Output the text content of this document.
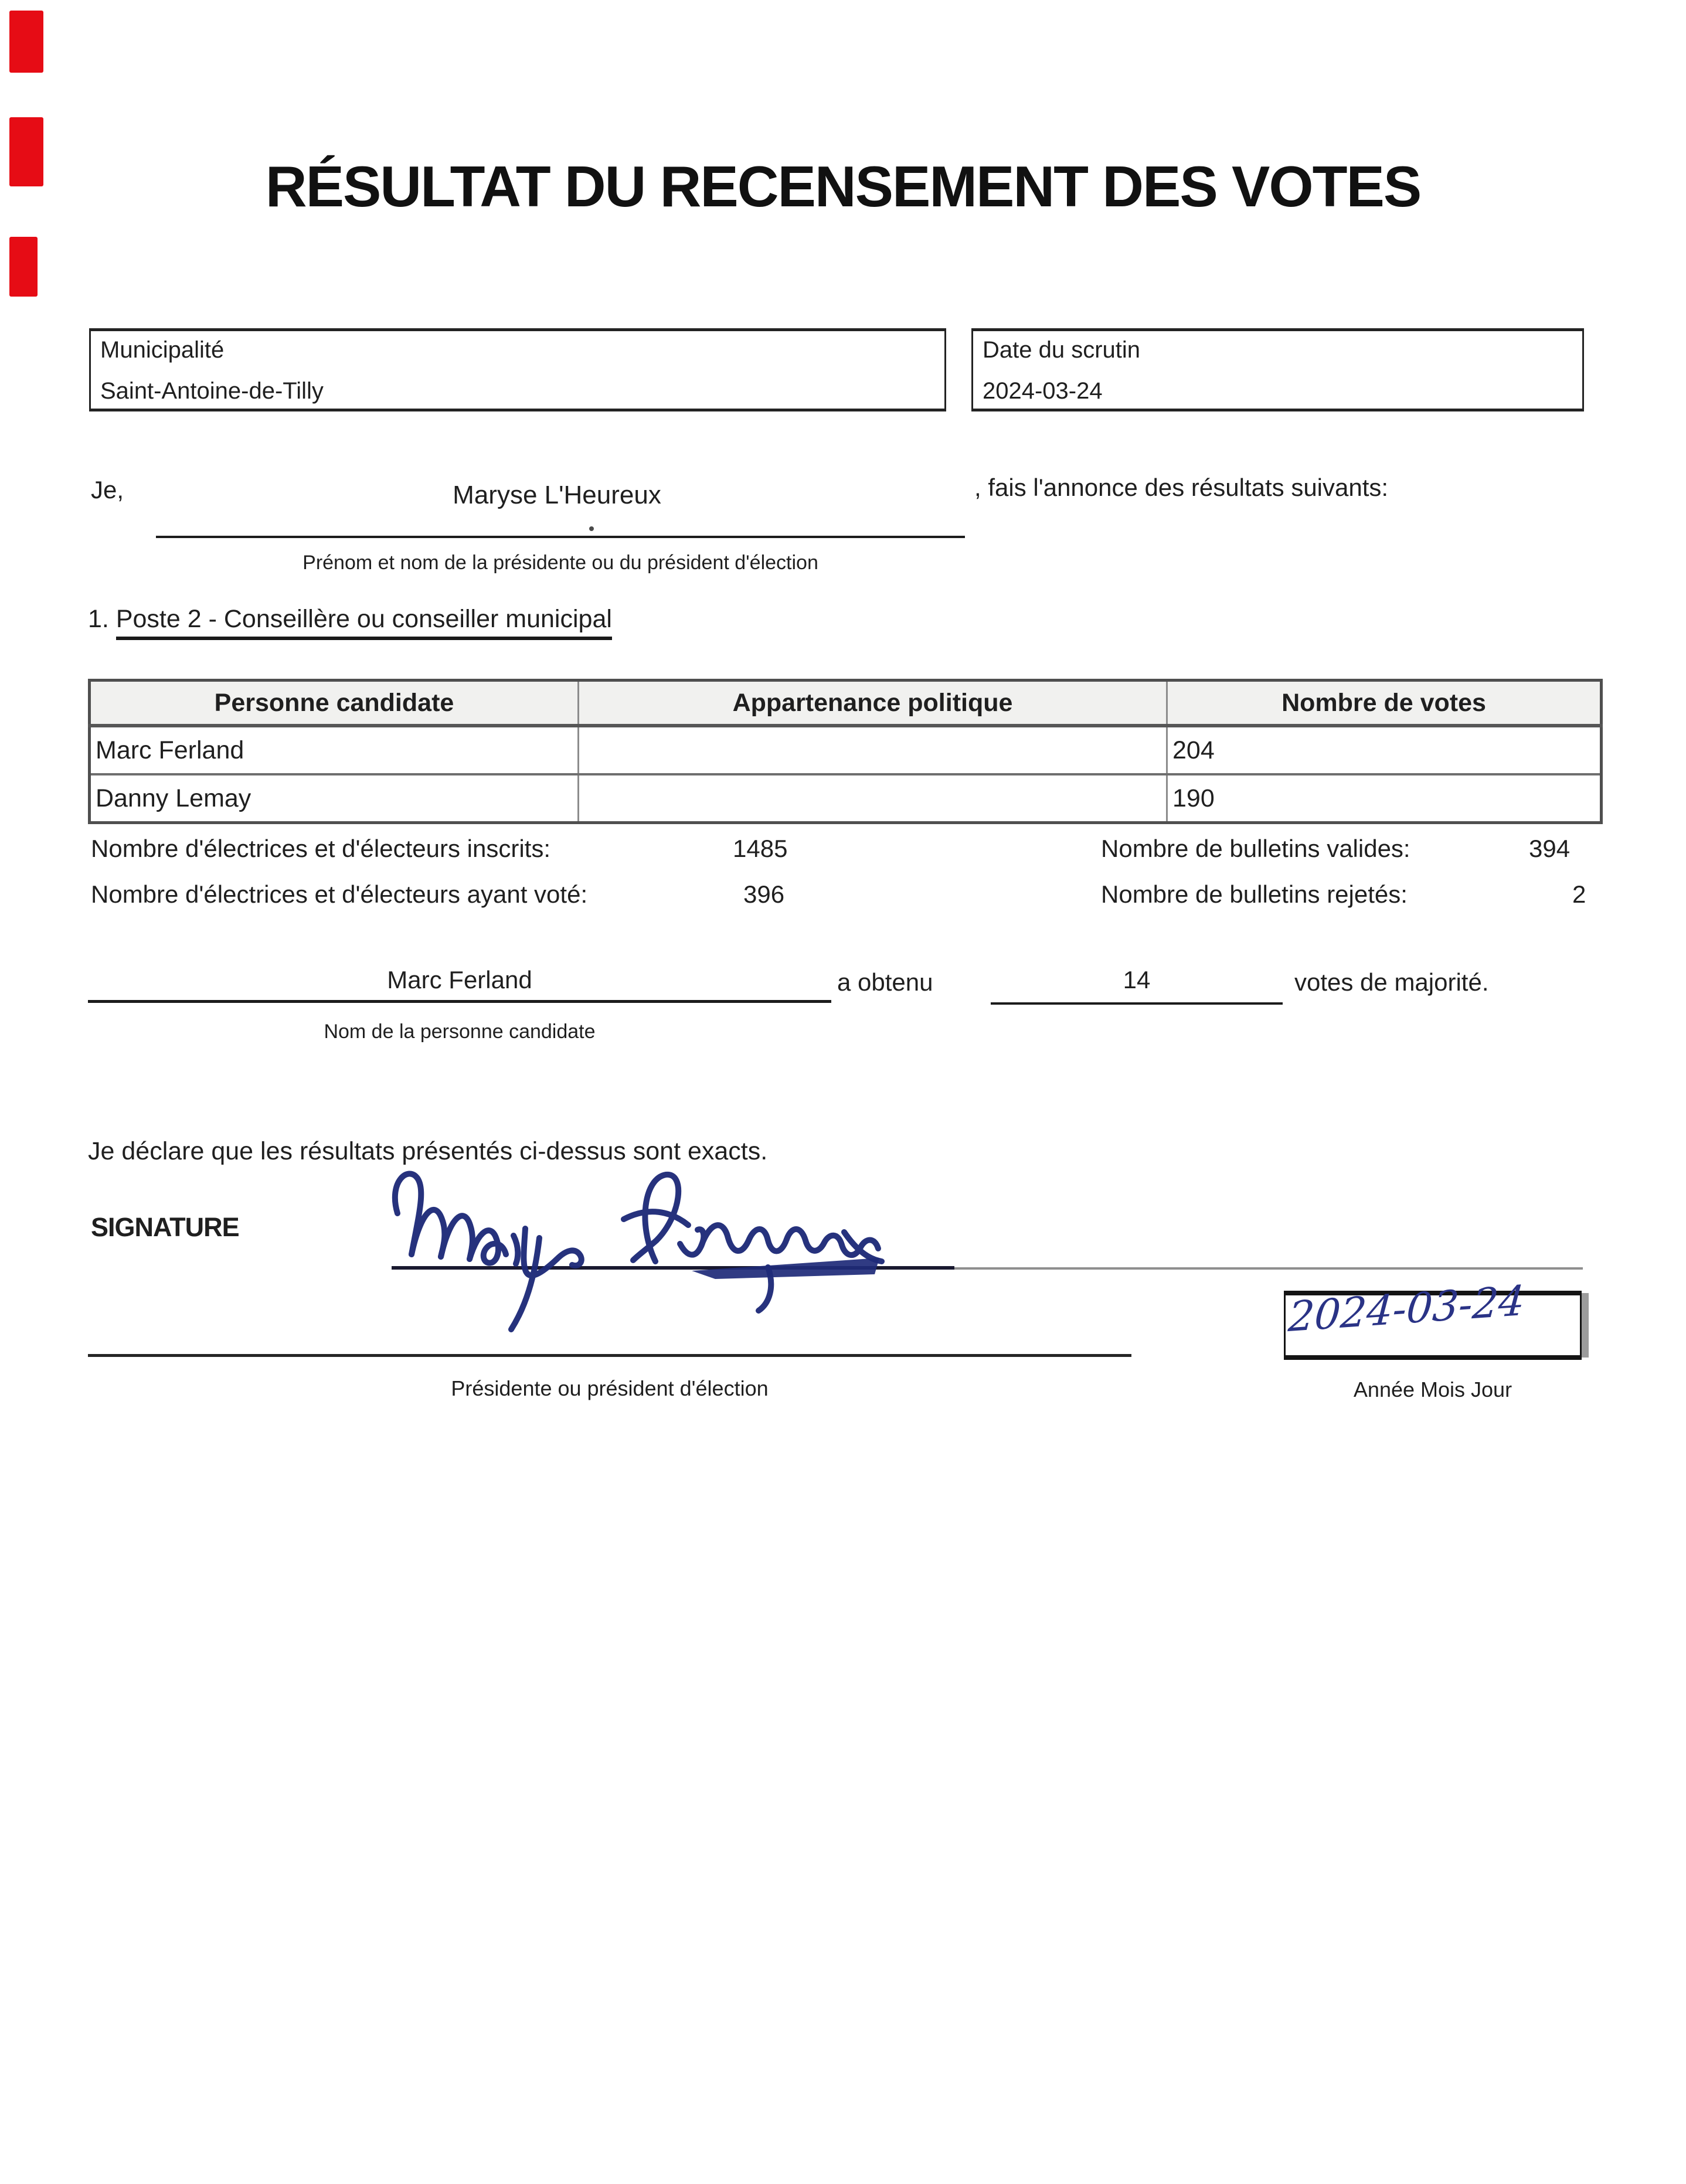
RÉSULTAT DU RECENSEMENT DES VOTES
Municipalité
Saint-Antoine-de-Tilly
Date du scrutin
2024-03-24
Je,	Maryse L'Heureux	, fais l'annonce des résultats suivants:
Prénom et nom de la présidente ou du président d'élection
1. Poste 2 - Conseillère ou conseiller municipal
Personne candidate	Appartenance politique	Nombre de votes
Marc Ferland		204
Danny Lemay		190
Nombre d'électrices et d'électeurs inscrits:	1485	Nombre de bulletins valides:	394
Nombre d'électrices et d'électeurs ayant voté:	396	Nombre de bulletins rejetés:	2
Marc Ferland	a obtenu	14	votes de majorité.
Nom de la personne candidate
Je déclare que les résultats présentés ci-dessus sont exacts.
SIGNATURE
Présidente ou président d'élection
2024-03-24
Année Mois Jour
